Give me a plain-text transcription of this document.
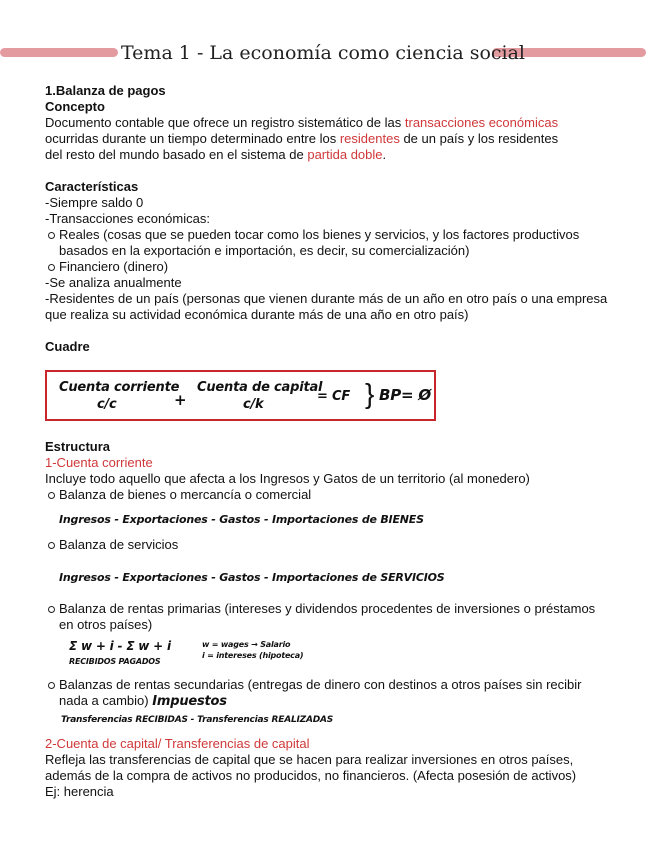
Tema 1 - La economía como ciencia social
1.Balanza de pagos
Concepto
Documento contable que ofrece un registro sistemático de las transacciones económicas
ocurridas durante un tiempo determinado entre los residentes de un país y los residentes
del resto del mundo basado en el sistema de partida doble.
Características
-Siempre saldo 0
-Transacciones económicas:
Reales (cosas que se pueden tocar como los bienes y servicios, y los factores productivos
basados en la exportación e importación, es decir, su comercialización)
Financiero (dinero)
-Se analiza anualmente
-Residentes de un país (personas que vienen durante más de un año en otro país o una empresa
que realiza su actividad económica durante más de una año en otro país)
Cuadre
Cuenta corriente
c/c	+
Cuenta de capital
c/k
= CF } BP= Ø
Estructura
1-Cuenta corriente
Incluye todo aquello que afecta a los Ingresos y Gatos de un territorio (al monedero)
Balanza de bienes o mercancía o comercial
Ingresos - Exportaciones - Gastos - Importaciones de BIENES
Balanza de servicios
Ingresos - Exportaciones - Gastos - Importaciones de SERVICIOS
Balanza de rentas primarias (intereses y dividendos procedentes de inversiones o préstamos
en otros países)
Σ w + i - Σ w + i
RECIBIDOS PAGADOS
w = wages → Salario
i = intereses (hipoteca)
Balanzas de rentas secundarias (entregas de dinero con destinos a otros países sin recibir
nada a cambio) Impuestos
Transferencias RECIBIDAS - Transferencias REALIZADAS
2-Cuenta de capital/ Transferencias de capital
Refleja las transferencias de capital que se hacen para realizar inversiones en otros países,
además de la compra de activos no producidos, no financieros. (Afecta posesión de activos)
Ej: herencia
